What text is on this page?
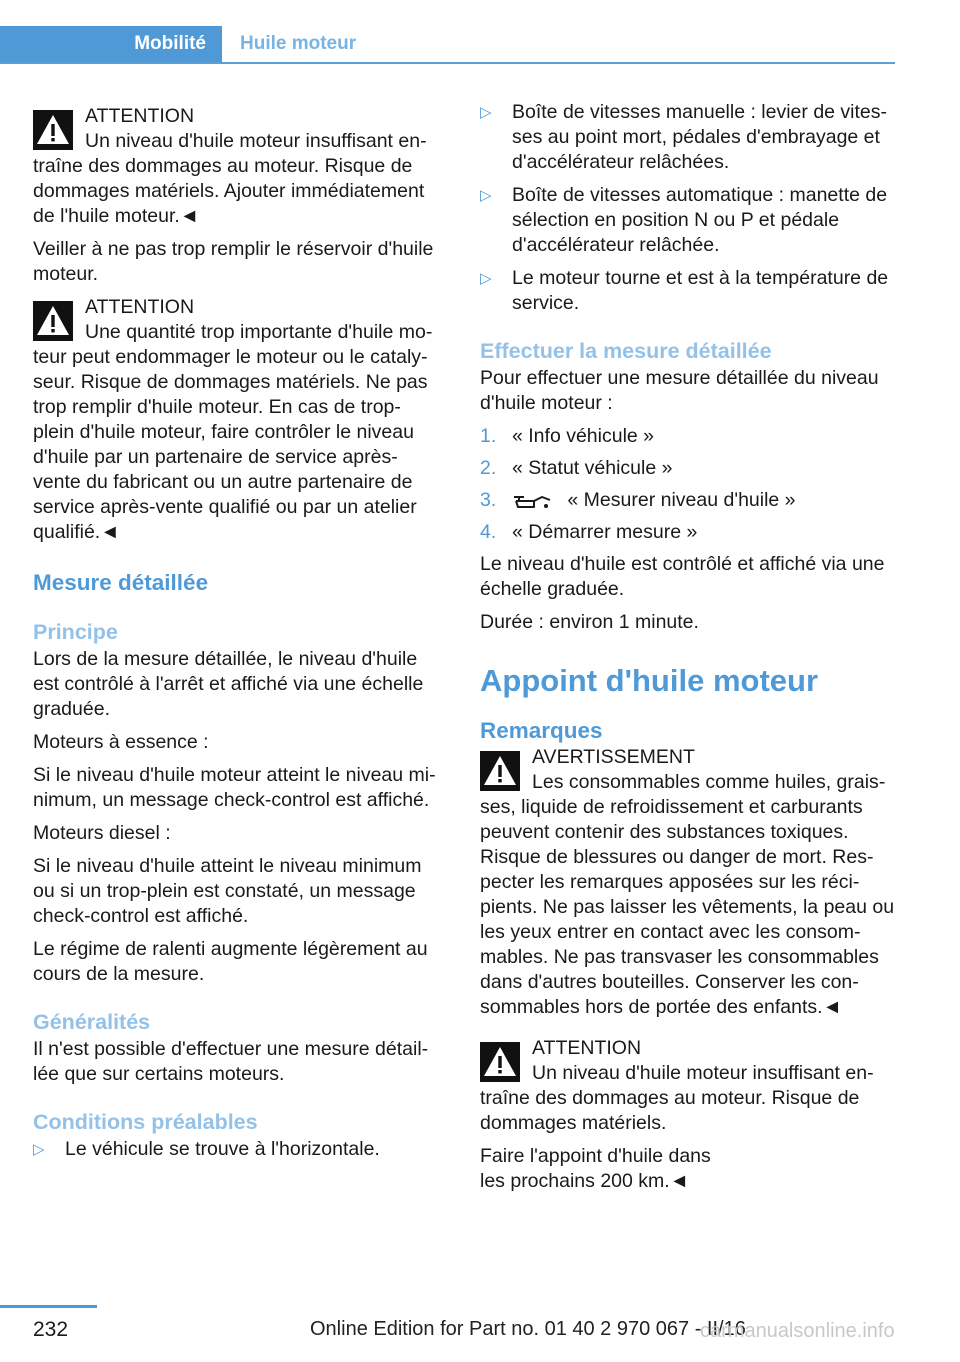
Mobilité	Huile moteur
ATTENTION
Un niveau d'huile moteur insuffisant entraîne des dommages au moteur. Risque de dommages matériels. Ajouter immédiatement de l'huile moteur.◄

Veiller à ne pas trop remplir le réservoir d'huile moteur.

ATTENTION
Une quantité trop importante d'huile moteur peut endommager le moteur ou le catalyseur. Risque de dommages matériels. Ne pas trop remplir d'huile moteur. En cas de trop-plein d'huile moteur, faire contrôler le niveau d'huile par un partenaire de service après-vente du fabricant ou un autre partenaire de service après-vente qualifié ou par un atelier qualifié.◄
Mesure détaillée
Principe

Lors de la mesure détaillée, le niveau d'huile est contrôlé à l'arrêt et affiché via une échelle graduée.

Moteurs à essence :

Si le niveau d'huile moteur atteint le niveau minimum, un message check-control est affiché.

Moteurs diesel :

Si le niveau d'huile atteint le niveau minimum ou si un trop-plein est constaté, un message check-control est affiché.

Le régime de ralenti augmente légèrement au cours de la mesure.

Généralités

Il n'est possible d'effectuer une mesure détaillée que sur certains moteurs.

Conditions préalables
▷ Le véhicule se trouve à l'horizontale.
▷ Boîte de vitesses manuelle : levier de vitesses au point mort, pédales d'embrayage et d'accélérateur relâchées.
▷ Boîte de vitesses automatique : manette de sélection en position N ou P et pédale d'accélérateur relâchée.
▷ Le moteur tourne et est à la température de service.
Effectuer la mesure détaillée

Pour effectuer une mesure détaillée du niveau d'huile moteur :

1. « Info véhicule »
2. « Statut véhicule »
3.	« Mesurer niveau d'huile »
4. « Démarrer mesure »

Le niveau d'huile est contrôlé et affiché via une échelle graduée.

Durée : environ 1 minute.

Appoint d'huile moteur
Remarques
AVERTISSEMENT
Les consommables comme huiles, graisses, liquide de refroidissement et carburants peuvent contenir des substances toxiques. Risque de blessures ou danger de mort. Respecter les remarques apposées sur les récipients. Ne pas laisser les vêtements, la peau ou les yeux entrer en contact avec les consommables. Ne pas transvaser les consommables dans d'autres bouteilles. Conserver les consommables hors de portée des enfants.◄
ATTENTION
Un niveau d'huile moteur insuffisant entraîne des dommages au moteur. Risque de dommages matériels.

Faire l'appoint d'huile dans les prochains 200 km.◄

232	Online Edition for Part no. 01 40 2 970 067 - II/16
carmanualsonline.info
